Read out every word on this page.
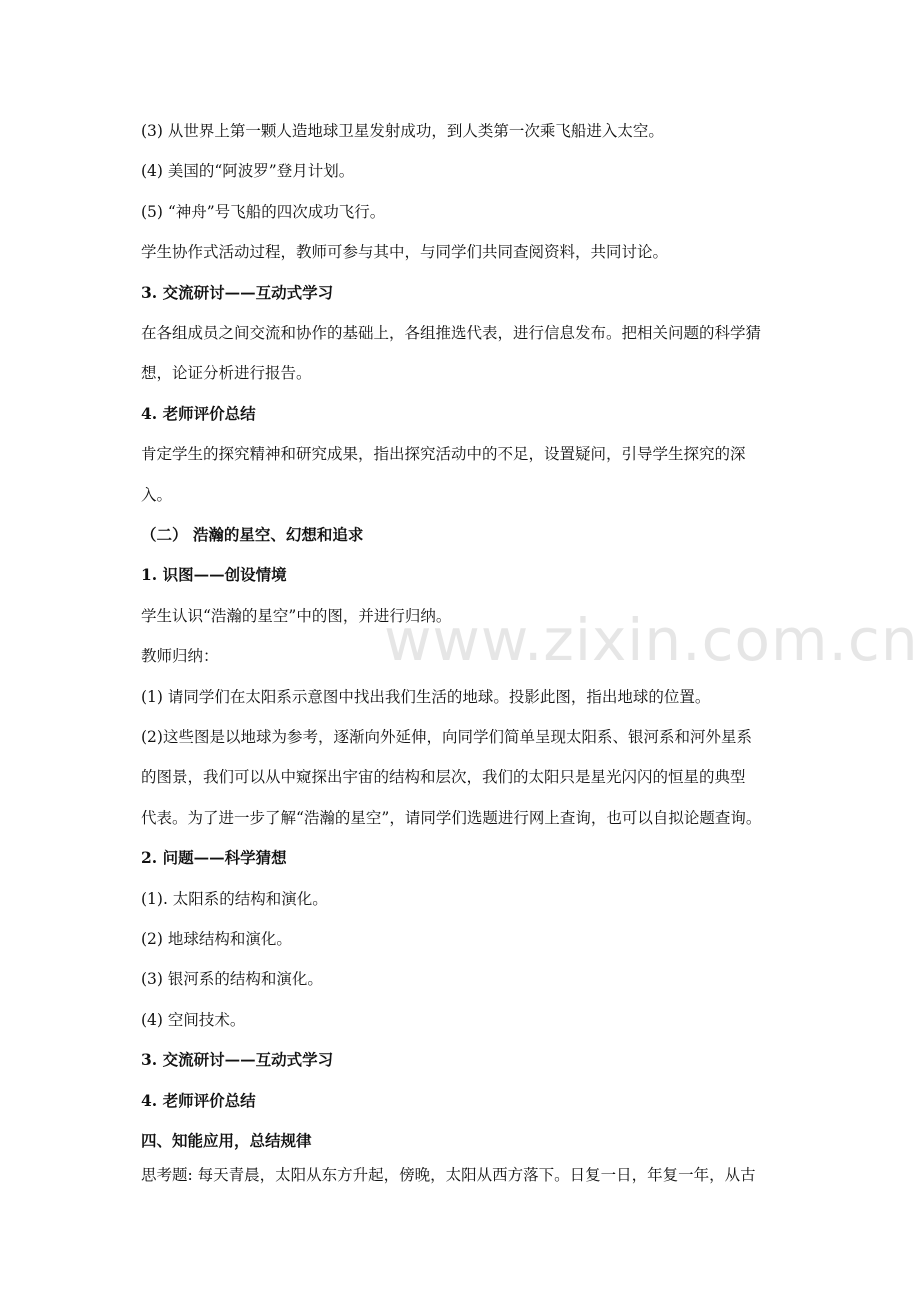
www.zixin.com.cn
(3) 从世界上第一颗人造地球卫星发射成功，到人类第一次乘飞船进入太空。
(4) 美国的“阿波罗”登月计划。
(5) “神舟”号飞船的四次成功飞行。
学生协作式活动过程，教师可参与其中，与同学们共同查阅资料，共同讨论。
3. 交流研讨——互动式学习
在各组成员之间交流和协作的基础上，各组推选代表，进行信息发布。把相关问题的科学猜
想，论证分析进行报告。
4. 老师评价总结
肯定学生的探究精神和研究成果，指出探究活动中的不足，设置疑问，引导学生探究的深
入。
（二） 浩瀚的星空、幻想和追求
1. 识图——创设情境
学生认识“浩瀚的星空”中的图，并进行归纳。
教师归纳：
(1) 请同学们在太阳系示意图中找出我们生活的地球。投影此图，指出地球的位置。
(2)这些图是以地球为参考，逐渐向外延伸，向同学们简单呈现太阳系、银河系和河外星系
的图景，我们可以从中窥探出宇宙的结构和层次，我们的太阳只是星光闪闪的恒星的典型
代表。为了进一步了解“浩瀚的星空”，请同学们选题进行网上查询，也可以自拟论题查询。
2. 问题——科学猜想
(1). 太阳系的结构和演化。
(2) 地球结构和演化。
(3) 银河系的结构和演化。
(4) 空间技术。
3. 交流研讨——互动式学习
4. 老师评价总结
四、知能应用，总结规律
思考题: 每天青晨，太阳从东方升起，傍晚，太阳从西方落下。日复一日，年复一年，从古
